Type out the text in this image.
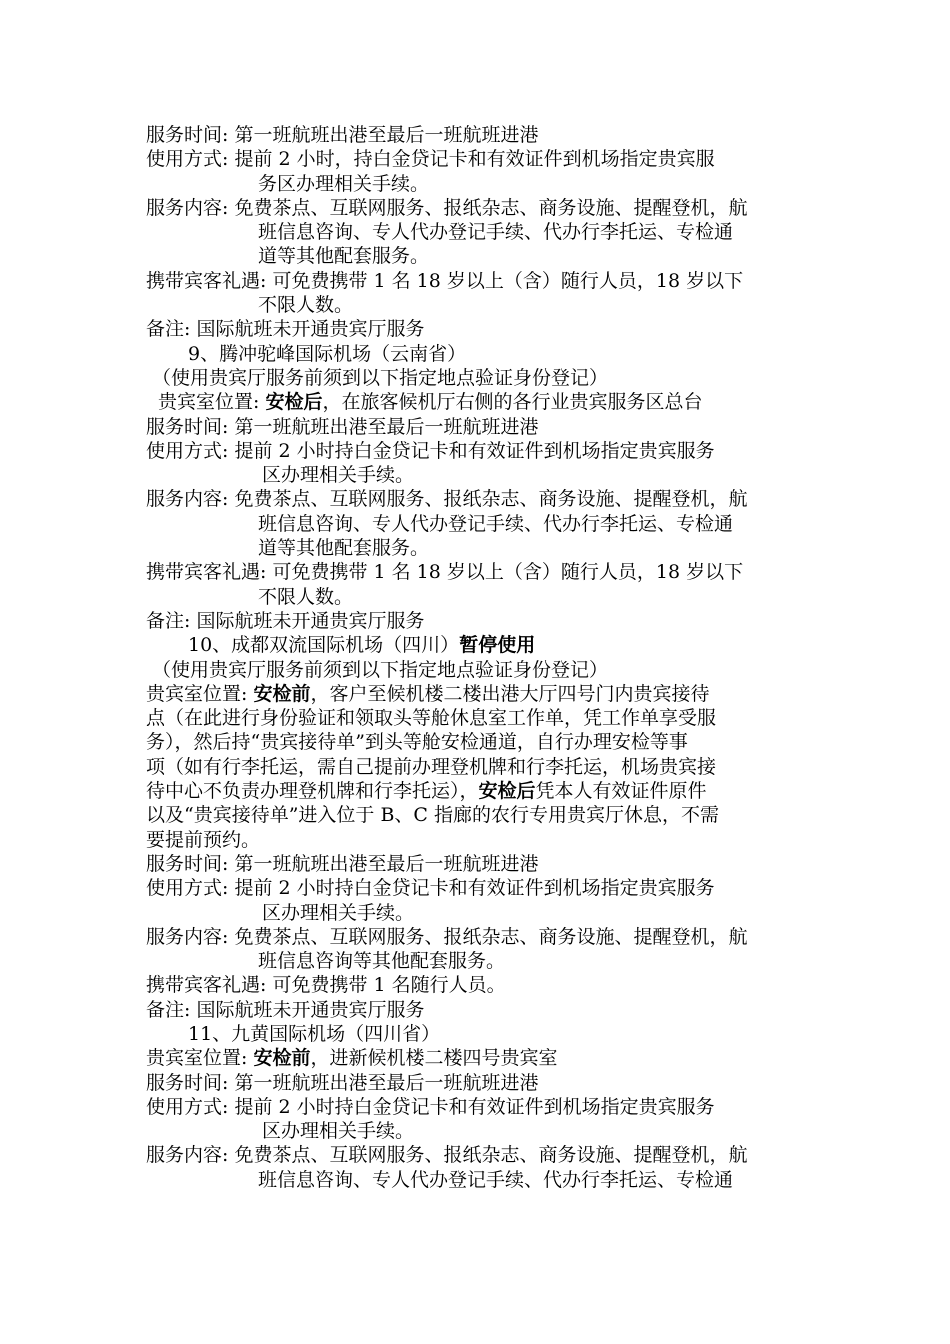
服务时间: 第一班航班出港至最后一班航班进港
使用方式: 提前 2 小时，持白金贷记卡和有效证件到机场指定贵宾服
务区办理相关手续。
服务内容: 免费茶点、互联网服务、报纸杂志、商务设施、提醒登机，航
班信息咨询、专人代办登记手续、代办行李托运、专检通
道等其他配套服务。
携带宾客礼遇: 可免费携带 1 名 18 岁以上（含）随行人员，18 岁以下
不限人数。
备注: 国际航班未开通贵宾厅服务
9、腾冲驼峰国际机场（云南省）
（使用贵宾厅服务前须到以下指定地点验证身份登记）
贵宾室位置: 安检后，在旅客候机厅右侧的各行业贵宾服务区总台
服务时间: 第一班航班出港至最后一班航班进港
使用方式: 提前 2 小时持白金贷记卡和有效证件到机场指定贵宾服务
区办理相关手续。
服务内容: 免费茶点、互联网服务、报纸杂志、商务设施、提醒登机，航
班信息咨询、专人代办登记手续、代办行李托运、专检通
道等其他配套服务。
携带宾客礼遇: 可免费携带 1 名 18 岁以上（含）随行人员，18 岁以下
不限人数。
备注: 国际航班未开通贵宾厅服务
10、成都双流国际机场（四川）暂停使用
（使用贵宾厅服务前须到以下指定地点验证身份登记）
贵宾室位置: 安检前，客户至候机楼二楼出港大厅四号门内贵宾接待
点（在此进行身份验证和领取头等舱休息室工作单，凭工作单享受服
务），然后持“贵宾接待单”到头等舱安检通道，自行办理安检等事
项（如有行李托运，需自己提前办理登机牌和行李托运，机场贵宾接
待中心不负责办理登机牌和行李托运），安检后凭本人有效证件原件
以及“贵宾接待单”进入位于 B、C 指廊的农行专用贵宾厅休息，不需
要提前预约。
服务时间: 第一班航班出港至最后一班航班进港
使用方式: 提前 2 小时持白金贷记卡和有效证件到机场指定贵宾服务
区办理相关手续。
服务内容: 免费茶点、互联网服务、报纸杂志、商务设施、提醒登机，航
班信息咨询等其他配套服务。
携带宾客礼遇: 可免费携带 1 名随行人员。
备注: 国际航班未开通贵宾厅服务
11、九黄国际机场（四川省）
贵宾室位置: 安检前，进新候机楼二楼四号贵宾室
服务时间: 第一班航班出港至最后一班航班进港
使用方式: 提前 2 小时持白金贷记卡和有效证件到机场指定贵宾服务
区办理相关手续。
服务内容: 免费茶点、互联网服务、报纸杂志、商务设施、提醒登机，航
班信息咨询、专人代办登记手续、代办行李托运、专检通
